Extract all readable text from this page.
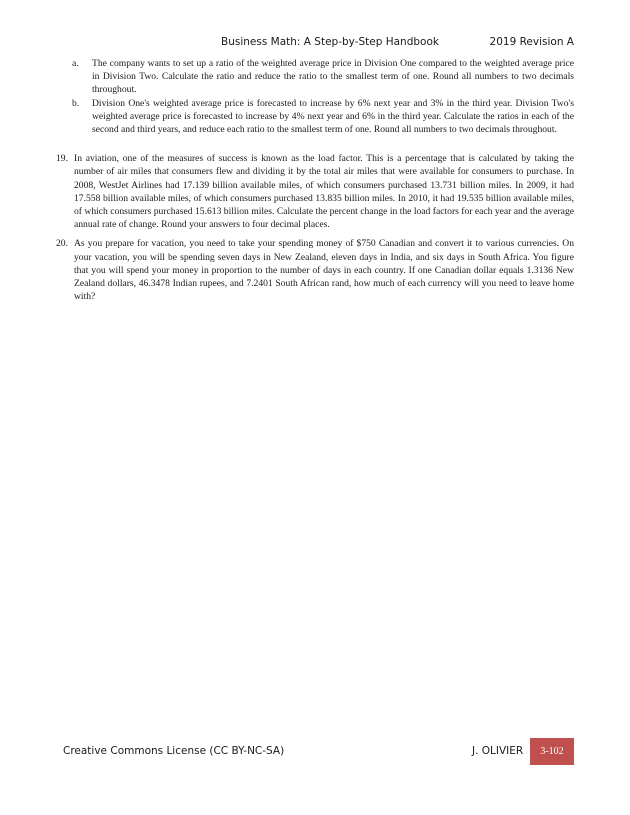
Business Math: A Step-by-Step Handbook	2019 Revision A
a. The company wants to set up a ratio of the weighted average price in Division One compared to the weighted average price in Division Two. Calculate the ratio and reduce the ratio to the smallest term of one. Round all numbers to two decimals throughout.
b. Division One's weighted average price is forecasted to increase by 6% next year and 3% in the third year. Division Two's weighted average price is forecasted to increase by 4% next year and 6% in the third year. Calculate the ratios in each of the second and third years, and reduce each ratio to the smallest term of one. Round all numbers to two decimals throughout.
19. In aviation, one of the measures of success is known as the load factor. This is a percentage that is calculated by taking the number of air miles that consumers flew and dividing it by the total air miles that were available for consumers to purchase. In 2008, WestJet Airlines had 17.139 billion available miles, of which consumers purchased 13.731 billion miles. In 2009, it had 17.558 billion available miles, of which consumers purchased 13.835 billion miles. In 2010, it had 19.535 billion available miles, of which consumers purchased 15.613 billion miles. Calculate the percent change in the load factors for each year and the average annual rate of change. Round your answers to four decimal places.
20. As you prepare for vacation, you need to take your spending money of $750 Canadian and convert it to various currencies. On your vacation, you will be spending seven days in New Zealand, eleven days in India, and six days in South Africa. You figure that you will spend your money in proportion to the number of days in each country. If one Canadian dollar equals 1.3136 New Zealand dollars, 46.3478 Indian rupees, and 7.2401 South African rand, how much of each currency will you need to leave home with?
Creative Commons License (CC BY-NC-SA)	J. OLIVIER	3-102
